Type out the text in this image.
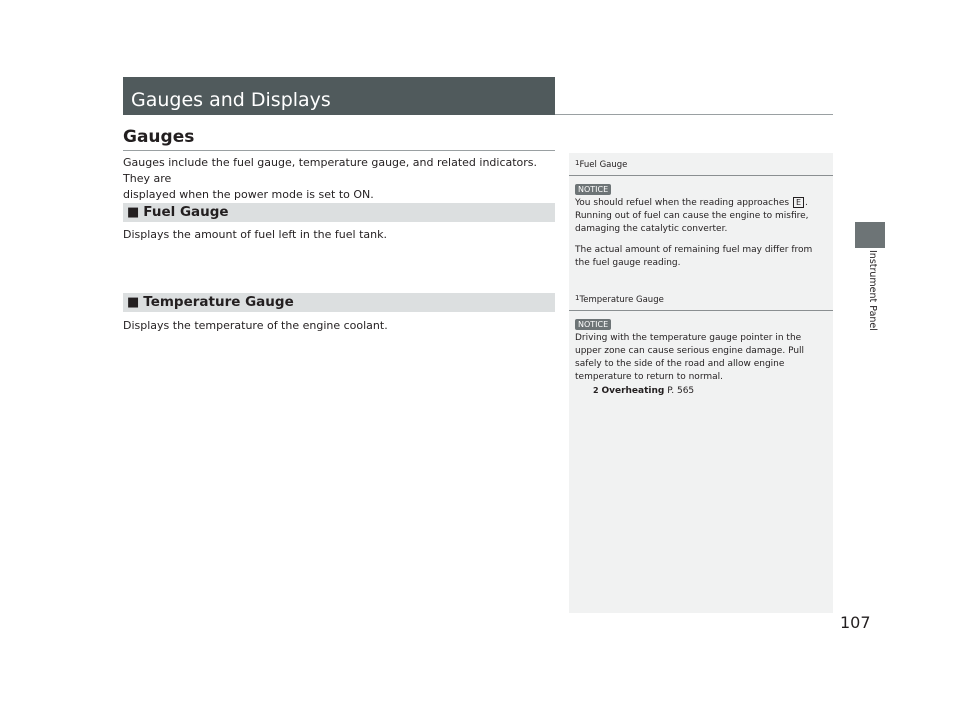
Gauges and Displays
Gauges
Gauges include the fuel gauge, temperature gauge, and related indicators. They are
displayed when the power mode is set to ON.
■ Fuel Gauge
Displays the amount of fuel left in the fuel tank.
■ Temperature Gauge
Displays the temperature of the engine coolant.
$^1$Fuel Gauge
NOTICE
You should refuel when the reading approaches E .
Running out of fuel can cause the engine to misfire,
damaging the catalytic converter.
The actual amount of remaining fuel may differ from
the fuel gauge reading.
$^1$Temperature Gauge
NOTICE
Driving with the temperature gauge pointer in the
upper zone can cause serious engine damage. Pull
safely to the side of the road and allow engine
temperature to return to normal.
2 Overheating P. 565
Instrument Panel
107
